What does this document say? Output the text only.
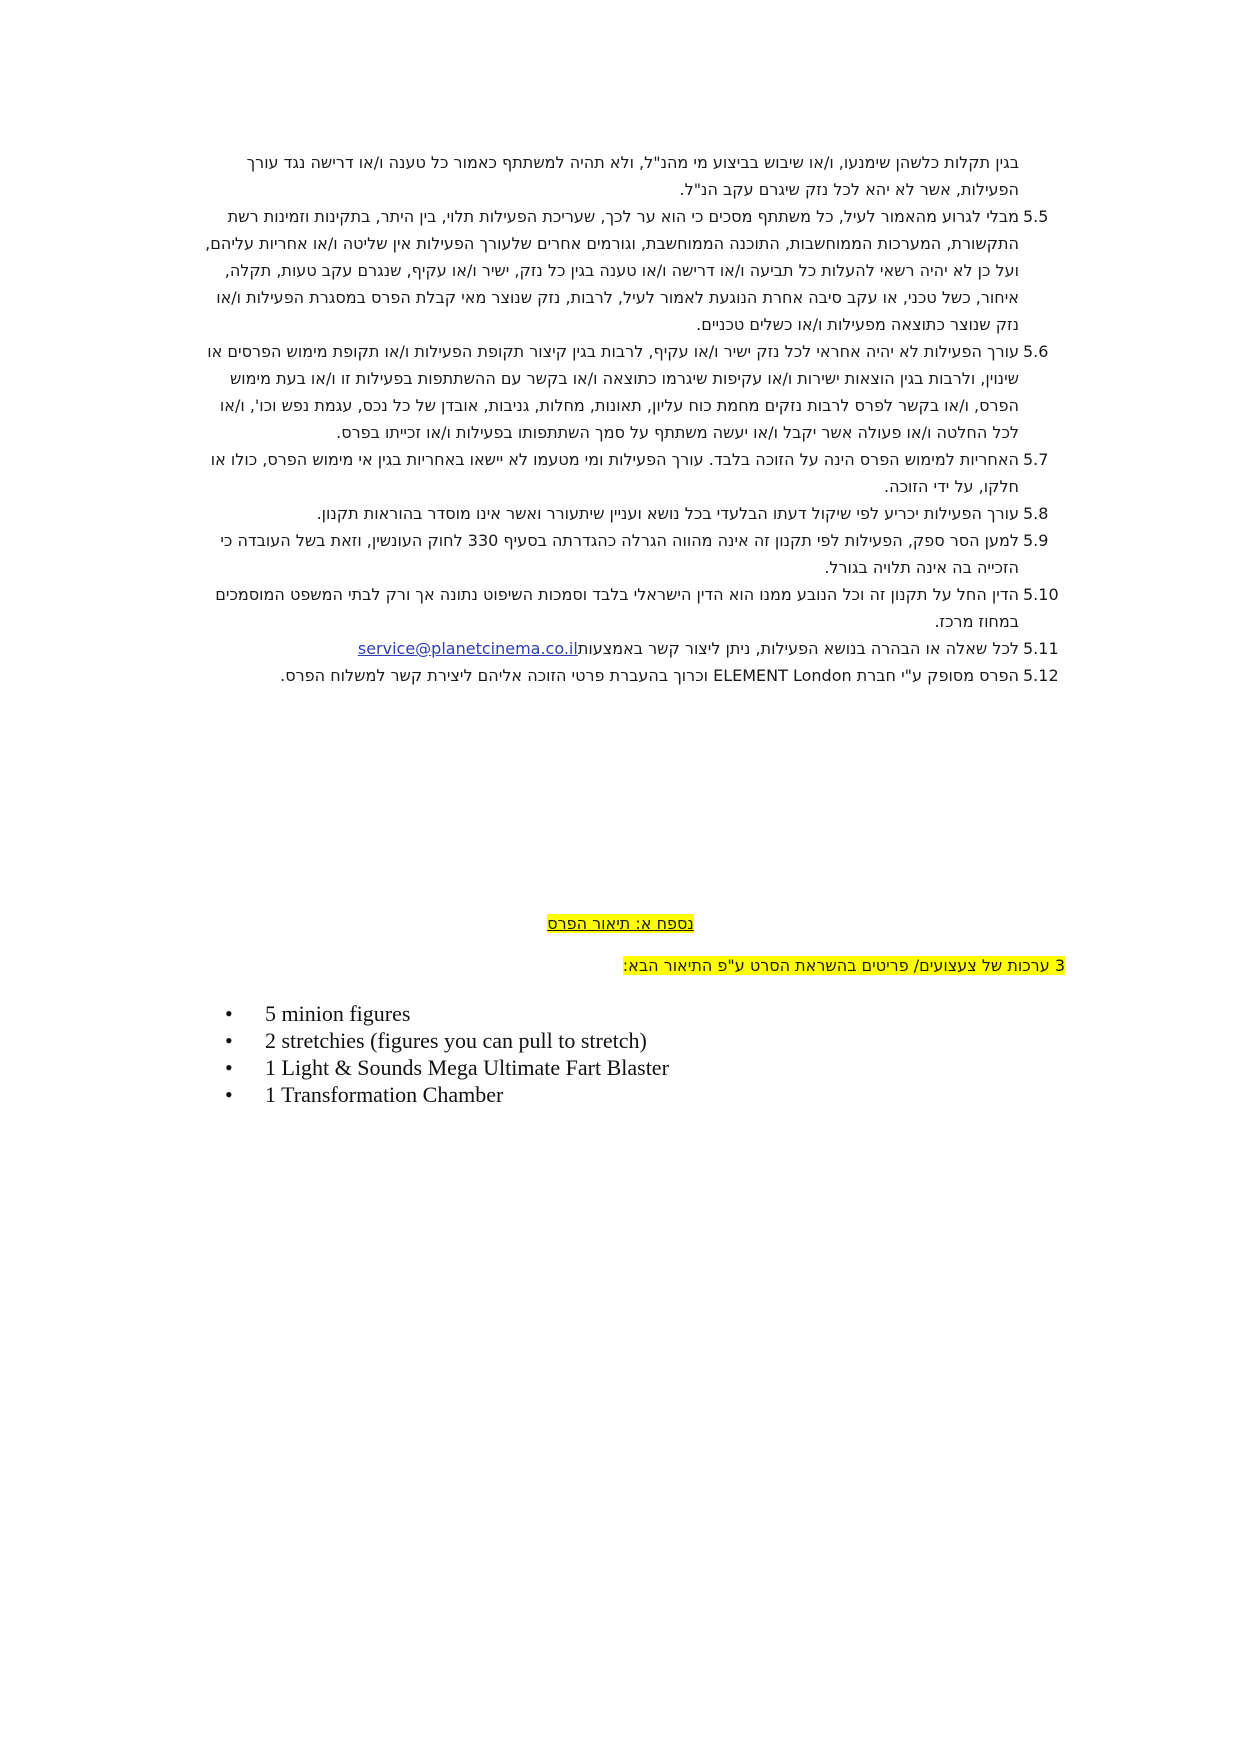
בגין תקלות כלשהן שימנעו, ו/או שיבוש בביצוע מי מהנ"ל, ולא תהיה למשתתף כאמור כל טענה ו/או דרישה נגד עורך הפעילות, אשר לא יהא לכל נזק שיגרם עקב הנ"ל.
5.5
מבלי לגרוע מהאמור לעיל, כל משתתף מסכים כי הוא ער לכך, שעריכת הפעילות תלוי, בין היתר, בתקינות וזמינות רשת התקשורת, המערכות הממוחשבות, התוכנה הממוחשבת, וגורמים אחרים שלעורך הפעילות אין שליטה ו/או אחריות עליהם, ועל כן לא יהיה רשאי להעלות כל תביעה ו/או דרישה ו/או טענה בגין כל נזק, ישיר ו/או עקיף, שנגרם עקב טעות, תקלה, איחור, כשל טכני, או עקב סיבה אחרת הנוגעת לאמור לעיל, לרבות, נזק שנוצר מאי קבלת הפרס במסגרת הפעילות ו/או נזק שנוצר כתוצאה מפעילות ו/או כשלים טכניים.
5.6
עורך הפעילות לא יהיה אחראי לכל נזק ישיר ו/או עקיף, לרבות בגין קיצור תקופת הפעילות ו/או תקופת מימוש הפרסים או שינוין, ולרבות בגין הוצאות ישירות ו/או עקיפות שיגרמו כתוצאה ו/או בקשר עם ההשתתפות בפעילות זו ו/או בעת מימוש הפרס, ו/או בקשר לפרס לרבות נזקים מחמת כוח עליון, תאונות, מחלות, גניבות, אובדן של כל נכס, עגמת נפש וכו', ו/או לכל החלטה ו/או פעולה אשר יקבל ו/או יעשה משתתף על סמך השתתפותו בפעילות ו/או זכייתו בפרס.
5.7
האחריות למימוש הפרס הינה על הזוכה בלבד. עורך הפעילות ומי מטעמו לא יישאו באחריות בגין אי מימוש הפרס, כולו או חלקו, על ידי הזוכה.
5.8
עורך הפעילות יכריע לפי שיקול דעתו הבלעדי בכל נושא ועניין שיתעורר ואשר אינו מוסדר בהוראות תקנון.
5.9
למען הסר ספק, הפעילות לפי תקנון זה אינה מהווה הגרלה כהגדרתה בסעיף 330 לחוק העונשין, וזאת בשל העובדה כי הזכייה בה אינה תלויה בגורל.
5.10
הדין החל על תקנון זה וכל הנובע ממנו הוא הדין הישראלי בלבד וסמכות השיפוט נתונה אך ורק לבתי המשפט המוסמכים במחוז מרכז.
5.11
לכל שאלה או הבהרה בנושא הפעילות, ניתן ליצור קשר באמצעותservice@planetcinema.co.il
5.12
הפרס מסופק ע"י חברת ELEMENT London וכרוך בהעברת פרטי הזוכה אליהם ליצירת קשר למשלוח הפרס.
נספח א: תיאור הפרס
3 ערכות של צעצועים/ פריטים בהשראת הסרט ע"פ התיאור הבא:
• 5 minion figures
• 2 stretchies (figures you can pull to stretch)
• 1 Light & Sounds Mega Ultimate Fart Blaster
• 1 Transformation Chamber
